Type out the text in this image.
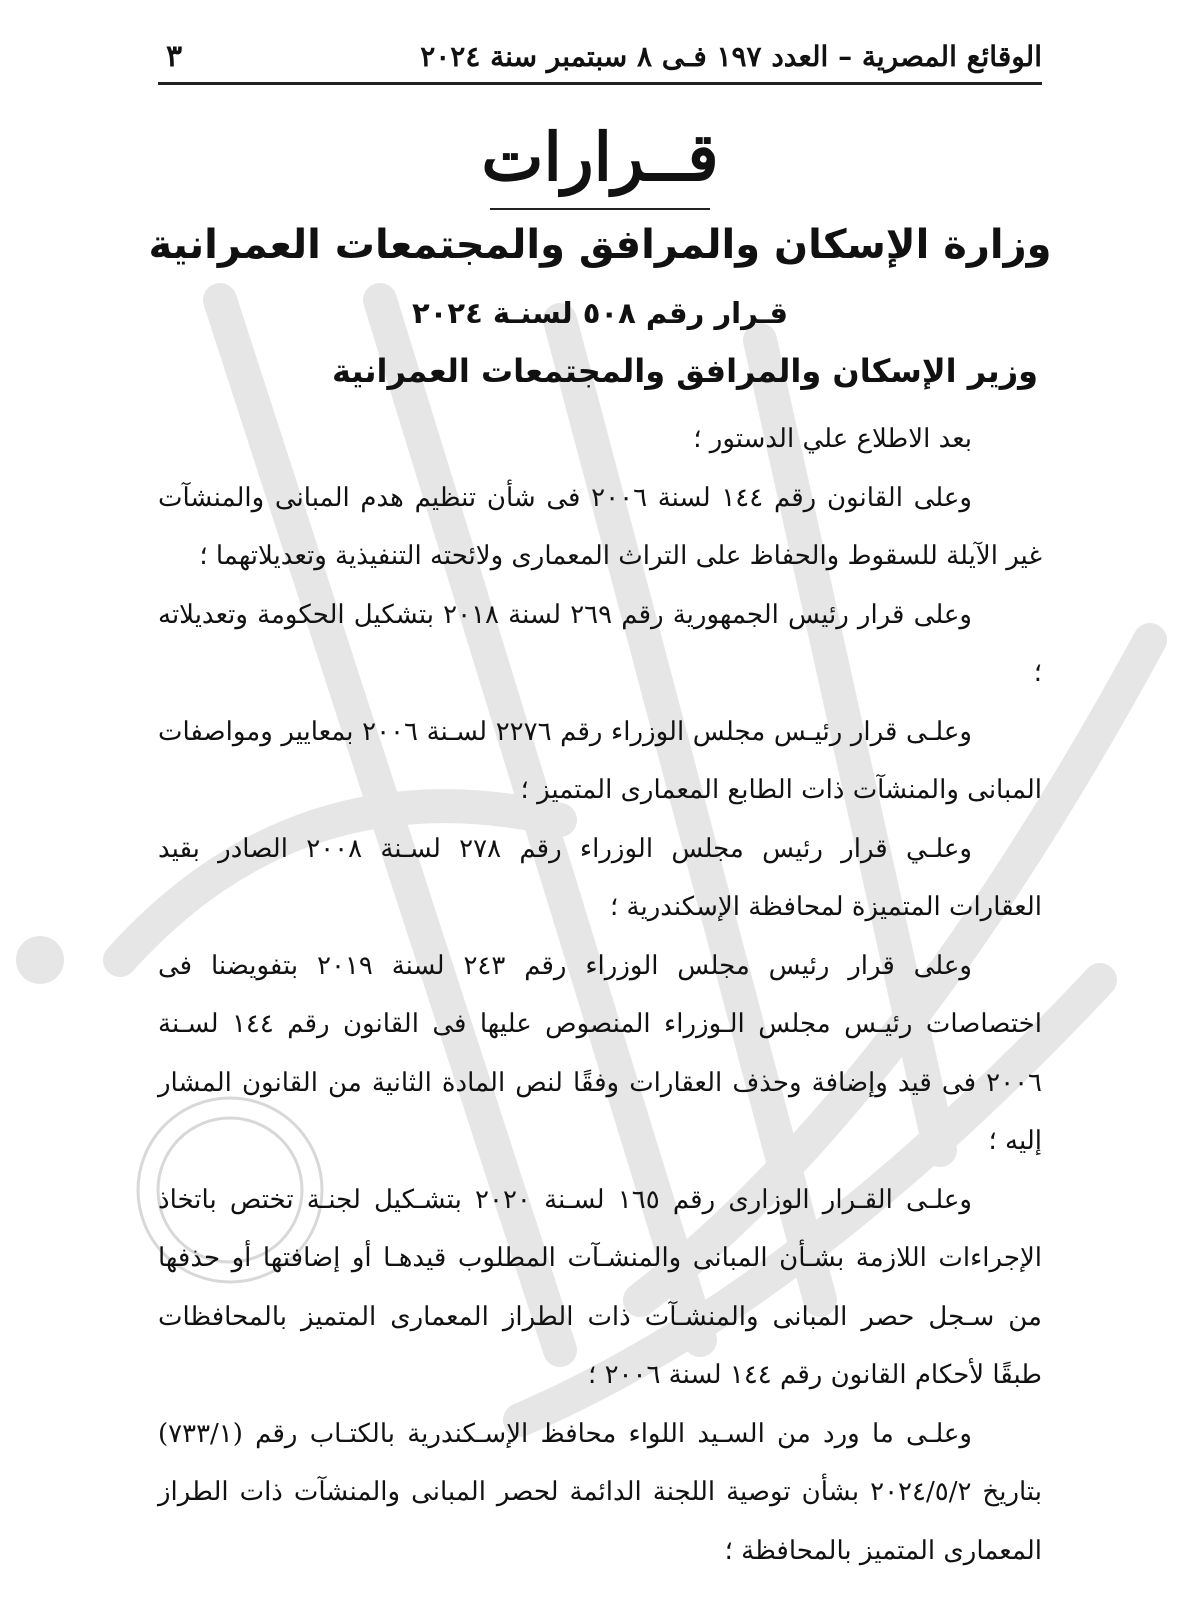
الوقائع المصرية – العدد ١٩٧ فـى ٨ سبتمبر سنة ٢٠٢٤
٣
قــرارات
وزارة الإسكان والمرافق والمجتمعات العمرانية
قـرار رقم ٥٠٨ لسنـة ٢٠٢٤
وزير الإسكان والمرافق والمجتمعات العمرانية

بعد الاطلاع علي الدستور ؛

وعلى القانون رقم ١٤٤ لسنة ٢٠٠٦ فى شأن تنظيم هدم المبانى والمنشآت غير الآيلة للسقوط والحفاظ على التراث المعمارى ولائحته التنفيذية وتعديلاتهما ؛

وعلى قرار رئيس الجمهورية رقم ٢٦٩ لسنة ٢٠١٨ بتشكيل الحكومة وتعديلاته ؛

وعلـى قرار رئيـس مجلس الوزراء رقم ٢٢٧٦ لسـنة ٢٠٠٦ بمعايير ومواصفات المبانى والمنشآت ذات الطابع المعمارى المتميز ؛

وعلـي قرار رئيس مجلس الوزراء رقم ٢٧٨ لسـنة ٢٠٠٨ الصادر بقيد العقارات المتميزة لمحافظة الإسكندرية ؛

وعلى قرار رئيس مجلس الوزراء رقم ٢٤٣ لسنة ٢٠١٩ بتفويضنا فى اختصاصات رئيـس مجلس الـوزراء المنصوص عليها فى القانون رقم ١٤٤ لسـنة ٢٠٠٦ فى قيد وإضافة وحذف العقارات وفقًا لنص المادة الثانية من القانون المشار إليه ؛

وعلـى القـرار الوزارى رقم ١٦٥ لسـنة ٢٠٢٠ بتشـكيل لجنـة تختص باتخاذ الإجراءات اللازمة بشـأن المبانى والمنشـآت المطلوب قيدهـا أو إضافتها أو حذفها من سـجل حصر المبانى والمنشـآت ذات الطراز المعمارى المتميز بالمحافظات طبقًا لأحكام القانون رقم ١٤٤ لسنة ٢٠٠٦ ؛

وعلـى ما ورد من السـيد اللواء محافظ الإسـكندرية بالكتـاب رقم (٧٣٣/١) بتاريخ ٢٠٢٤/٥/٢ بشأن توصية اللجنة الدائمة لحصر المبانى والمنشآت ذات الطراز المعمارى المتميز بالمحافظة ؛
